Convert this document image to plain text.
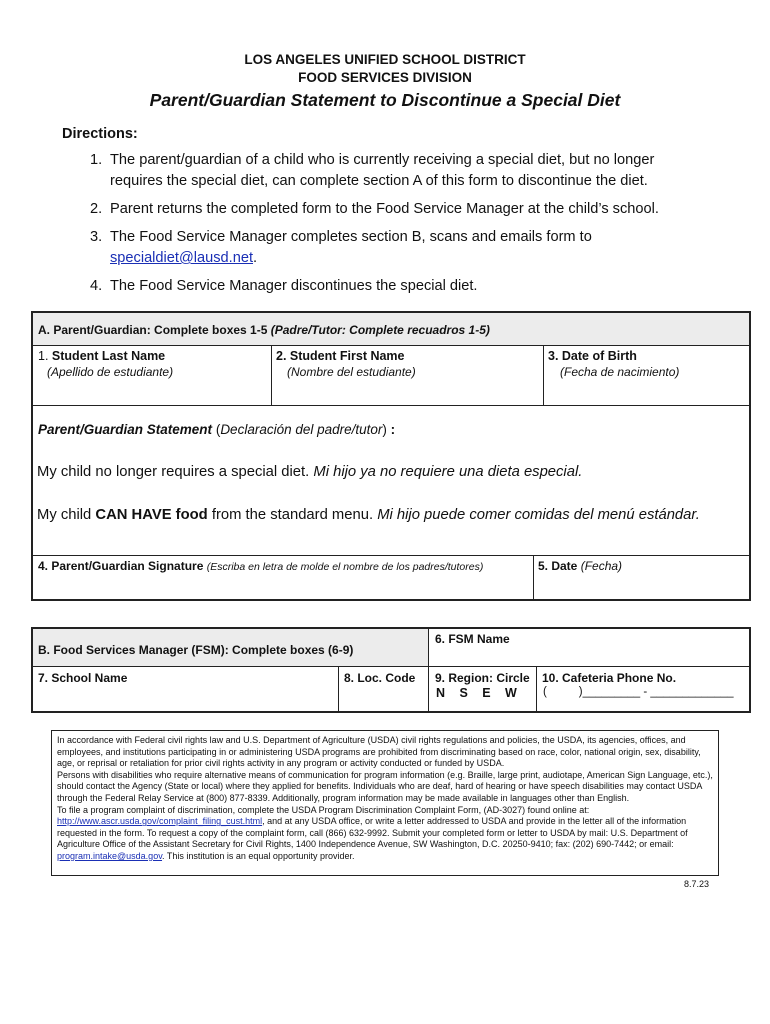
LOS ANGELES UNIFIED SCHOOL DISTRICT
FOOD SERVICES DIVISION
Parent/Guardian Statement to Discontinue a Special Diet
Directions:
1. The parent/guardian of a child who is currently receiving a special diet, but no longer requires the special diet, can complete section A of this form to discontinue the diet.
2. Parent returns the completed form to the Food Service Manager at the child’s school.
3. The Food Service Manager completes section B, scans and emails form to
specialdiet@lausd.net.
4. The Food Service Manager discontinues the special diet.
A. Parent/Guardian: Complete boxes 1-5 (Padre/Tutor: Complete recuadros 1-5)
1. Student Last Name
(Apellido de estudiante)
2. Student First Name
(Nombre del estudiante)
3. Date of Birth
(Fecha de nacimiento)
Parent/Guardian Statement (Declaración del padre/tutor) :
My child no longer requires a special diet. Mi hijo ya no requiere una dieta especial.
My child CAN HAVE food from the standard menu. Mi hijo puede comer comidas del menú estándar.
4. Parent/Guardian Signature (Escriba en letra de molde el nombre de los padres/tutores)	5. Date (Fecha)
B. Food Services Manager (FSM): Complete boxes (6-9)
6. FSM Name
7. School Name	8. Loc. Code 9. Region: Circle
N   S   E   W
10. Cafeteria Phone No.
(          )_________ - _____________

In accordance with Federal civil rights law and U.S. Department of Agriculture (USDA) civil rights regulations and policies, the USDA, its agencies, offices, and employees, and institutions participating in or administering USDA programs are prohibited from discriminating based on race, color, national origin, sex, disability, age, or reprisal or retaliation for prior civil rights activity in any program or activity conducted or funded by USDA.

Persons with disabilities who require alternative means of communication for program information (e.g. Braille, large print, audiotape, American Sign Language, etc.), should contact the Agency (State or local) where they applied for benefits. Individuals who are deaf, hard of hearing or have speech disabilities may contact USDA through the Federal Relay Service at (800) 877-8339. Additionally, program information may be made available in languages other than English.

To file a program complaint of discrimination, complete the USDA Program Discrimination Complaint Form, (AD-3027) found online at:
http://www.ascr.usda.gov/complaint_filing_cust.html, and at any USDA office, or write a letter addressed to USDA and provide in the letter all of the information requested in the form. To request a copy of the complaint form, call (866) 632-9992. Submit your completed form or letter to USDA by mail: U.S. Department of Agriculture Office of the Assistant Secretary for Civil Rights, 1400 Independence Avenue, SW Washington, D.C. 20250-9410; fax: (202) 690-7442; or email: program.intake@usda.gov. This institution is an equal opportunity provider.

8.7.23
